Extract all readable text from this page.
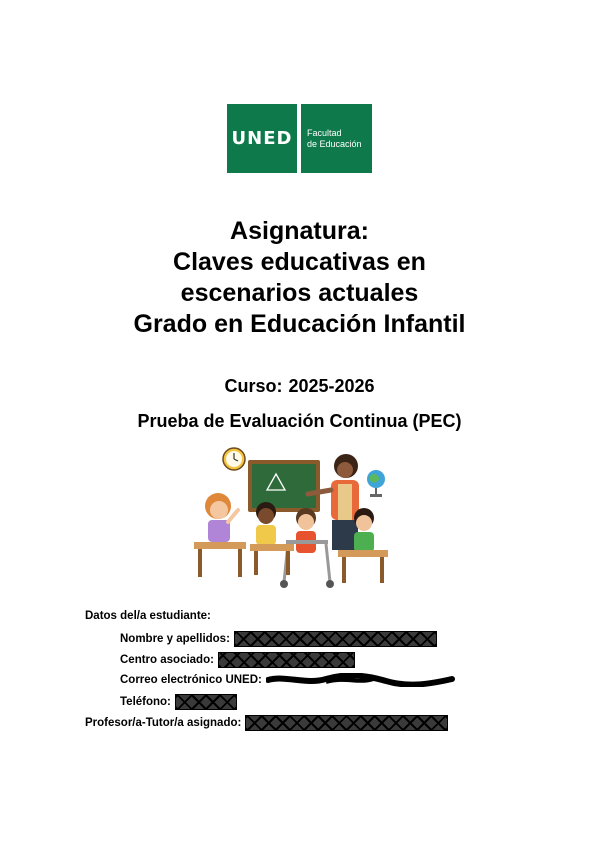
UNED Facultad
de Educación
Asignatura:
Claves educativas en
escenarios actuales
Grado en Educación Infantil
Curso: 2025-2026
Prueba de Evaluación Continua (PEC)
Datos del/a estudiante:
Nombre y apellidos:
Centro asociado:
Correo electrónico UNED:
Teléfono:
Profesor/a-Tutor/a asignado:
